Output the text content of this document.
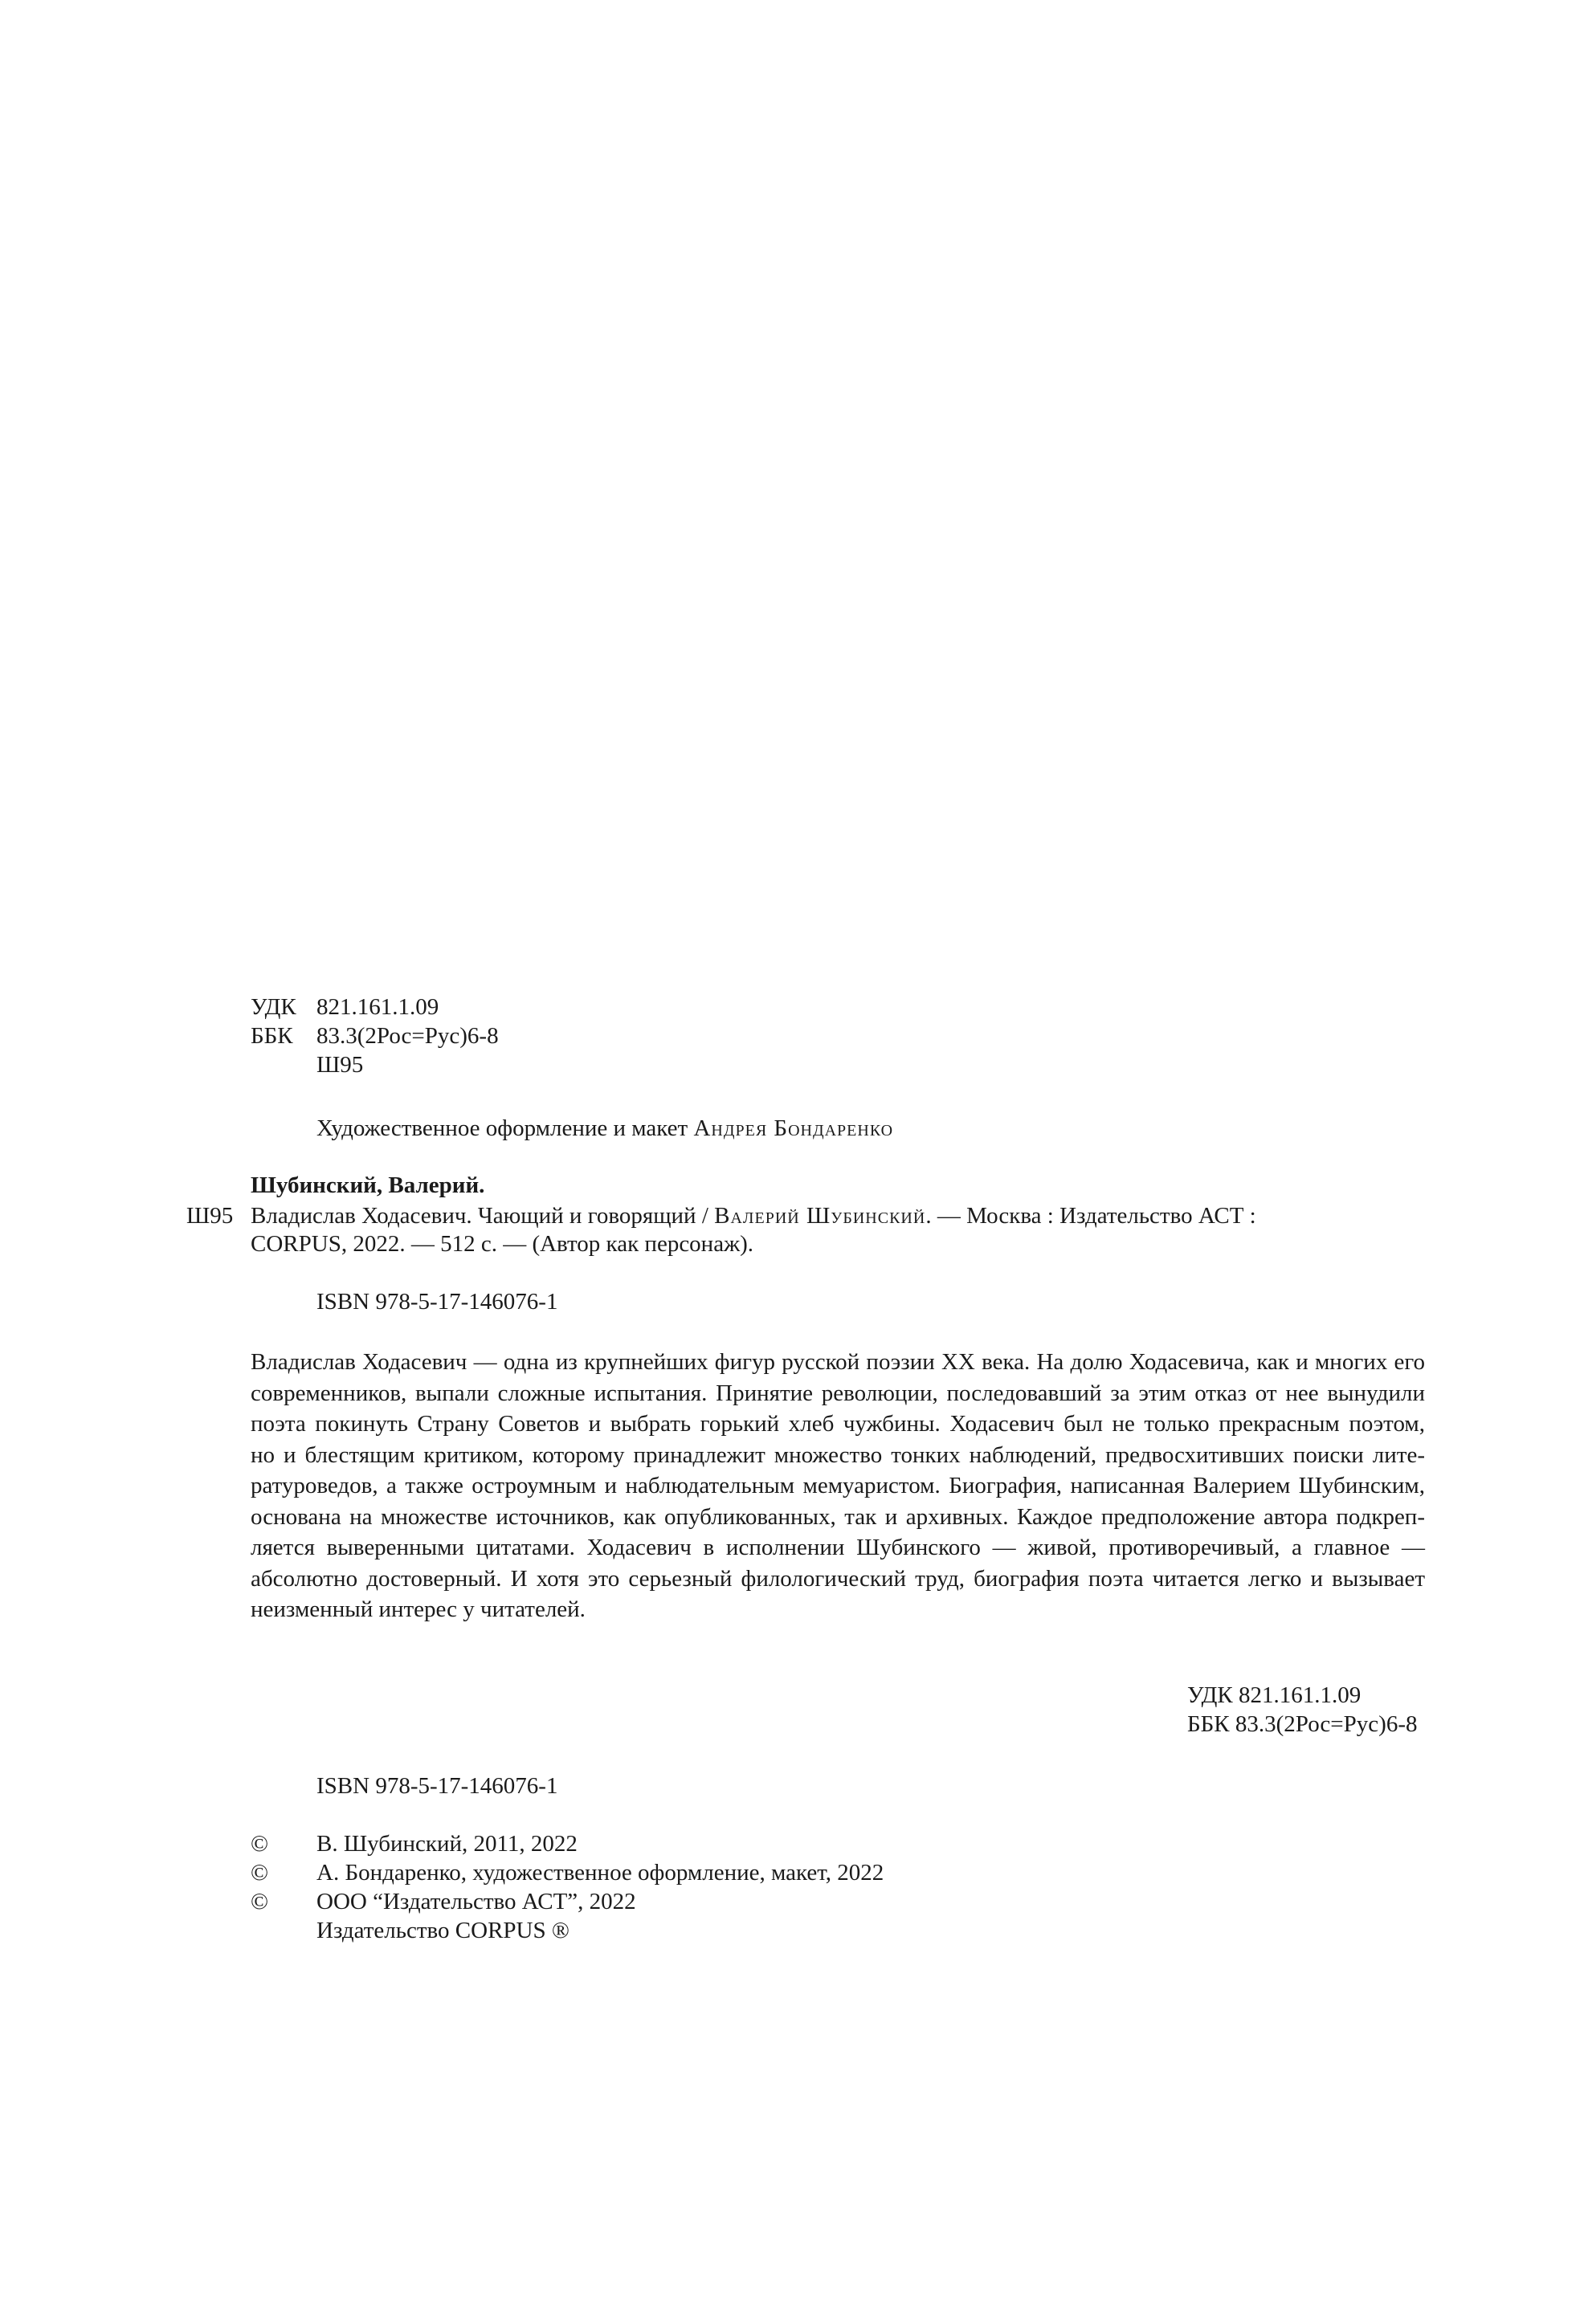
УДК 821.161.1.09
ББК 83.3(2Рос=Рус)6-8
Ш95
Художественное оформление и макет Андрея Бондаренко
Шубинский, Валерий.
Ш95 Владислав Ходасевич. Чающий и говорящий / Валерий Шубинский. — Москва : Издательство АСТ :
CORPUS, 2022. — 512 с. — (Автор как персонаж).
ISBN 978-5-17-146076-1
Владислав Ходасевич — одна из крупнейших фигур русской поэзии XX века. На долю Ходасевича, как и многих его
современников, выпали сложные испытания. Принятие революции, последовавший за этим отказ от нее вынудили
поэта покинуть Страну Советов и выбрать горький хлеб чужбины. Ходасевич был не только прекрасным поэтом,
но и блестящим критиком, которому принадлежит множество тонких наблюдений, предвосхитивших поиски лите-
ратуроведов, а также остроумным и наблюдательным мемуаристом. Биография, написанная Валерием Шубинским,
основана на множестве источников, как опубликованных, так и архивных. Каждое предположение автора подкреп-
ляется выверенными цитатами. Ходасевич в исполнении Шубинского — живой, противоречивый, а главное —
абсолютно достоверный. И хотя это серьезный филологический труд, биография поэта читается легко и вызывает
неизменный интерес у читателей.
УДК 821.161.1.09
ББК 83.3(2Рос=Рус)6-8
ISBN 978-5-17-146076-1
© В. Шубинский, 2011, 2022
© А. Бондаренко, художественное оформление, макет, 2022
© ООО “Издательство АСТ”, 2022
Издательство CORPUS ®
